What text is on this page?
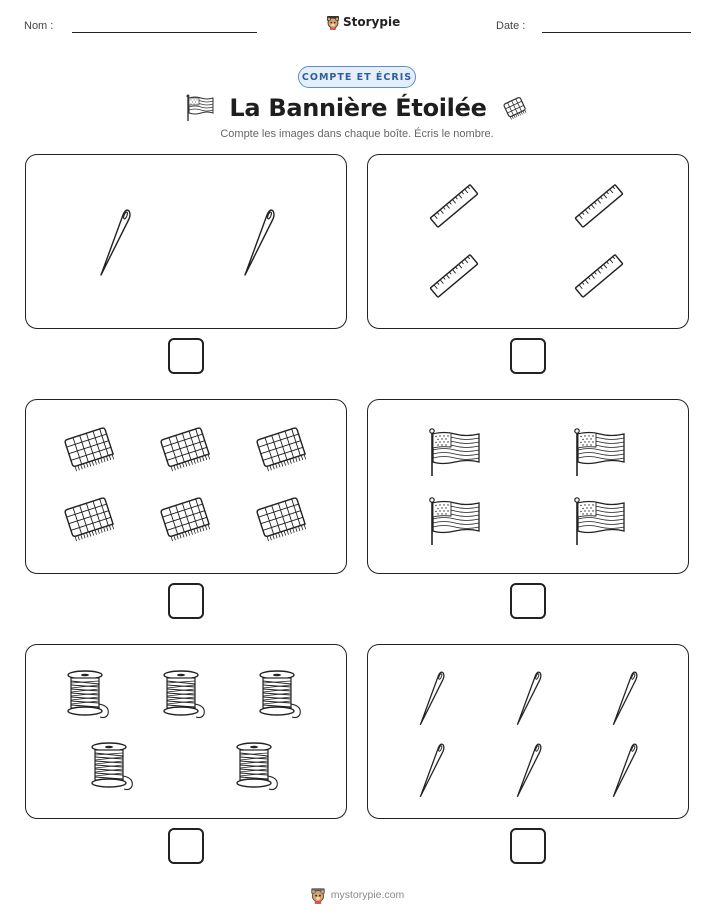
Nom :	Storypie	Date :
COMPTE ET ÉCRIS
La Bannière Étoilée
Compte les images dans chaque boîte. Écris le nombre.
mystorypie.com
